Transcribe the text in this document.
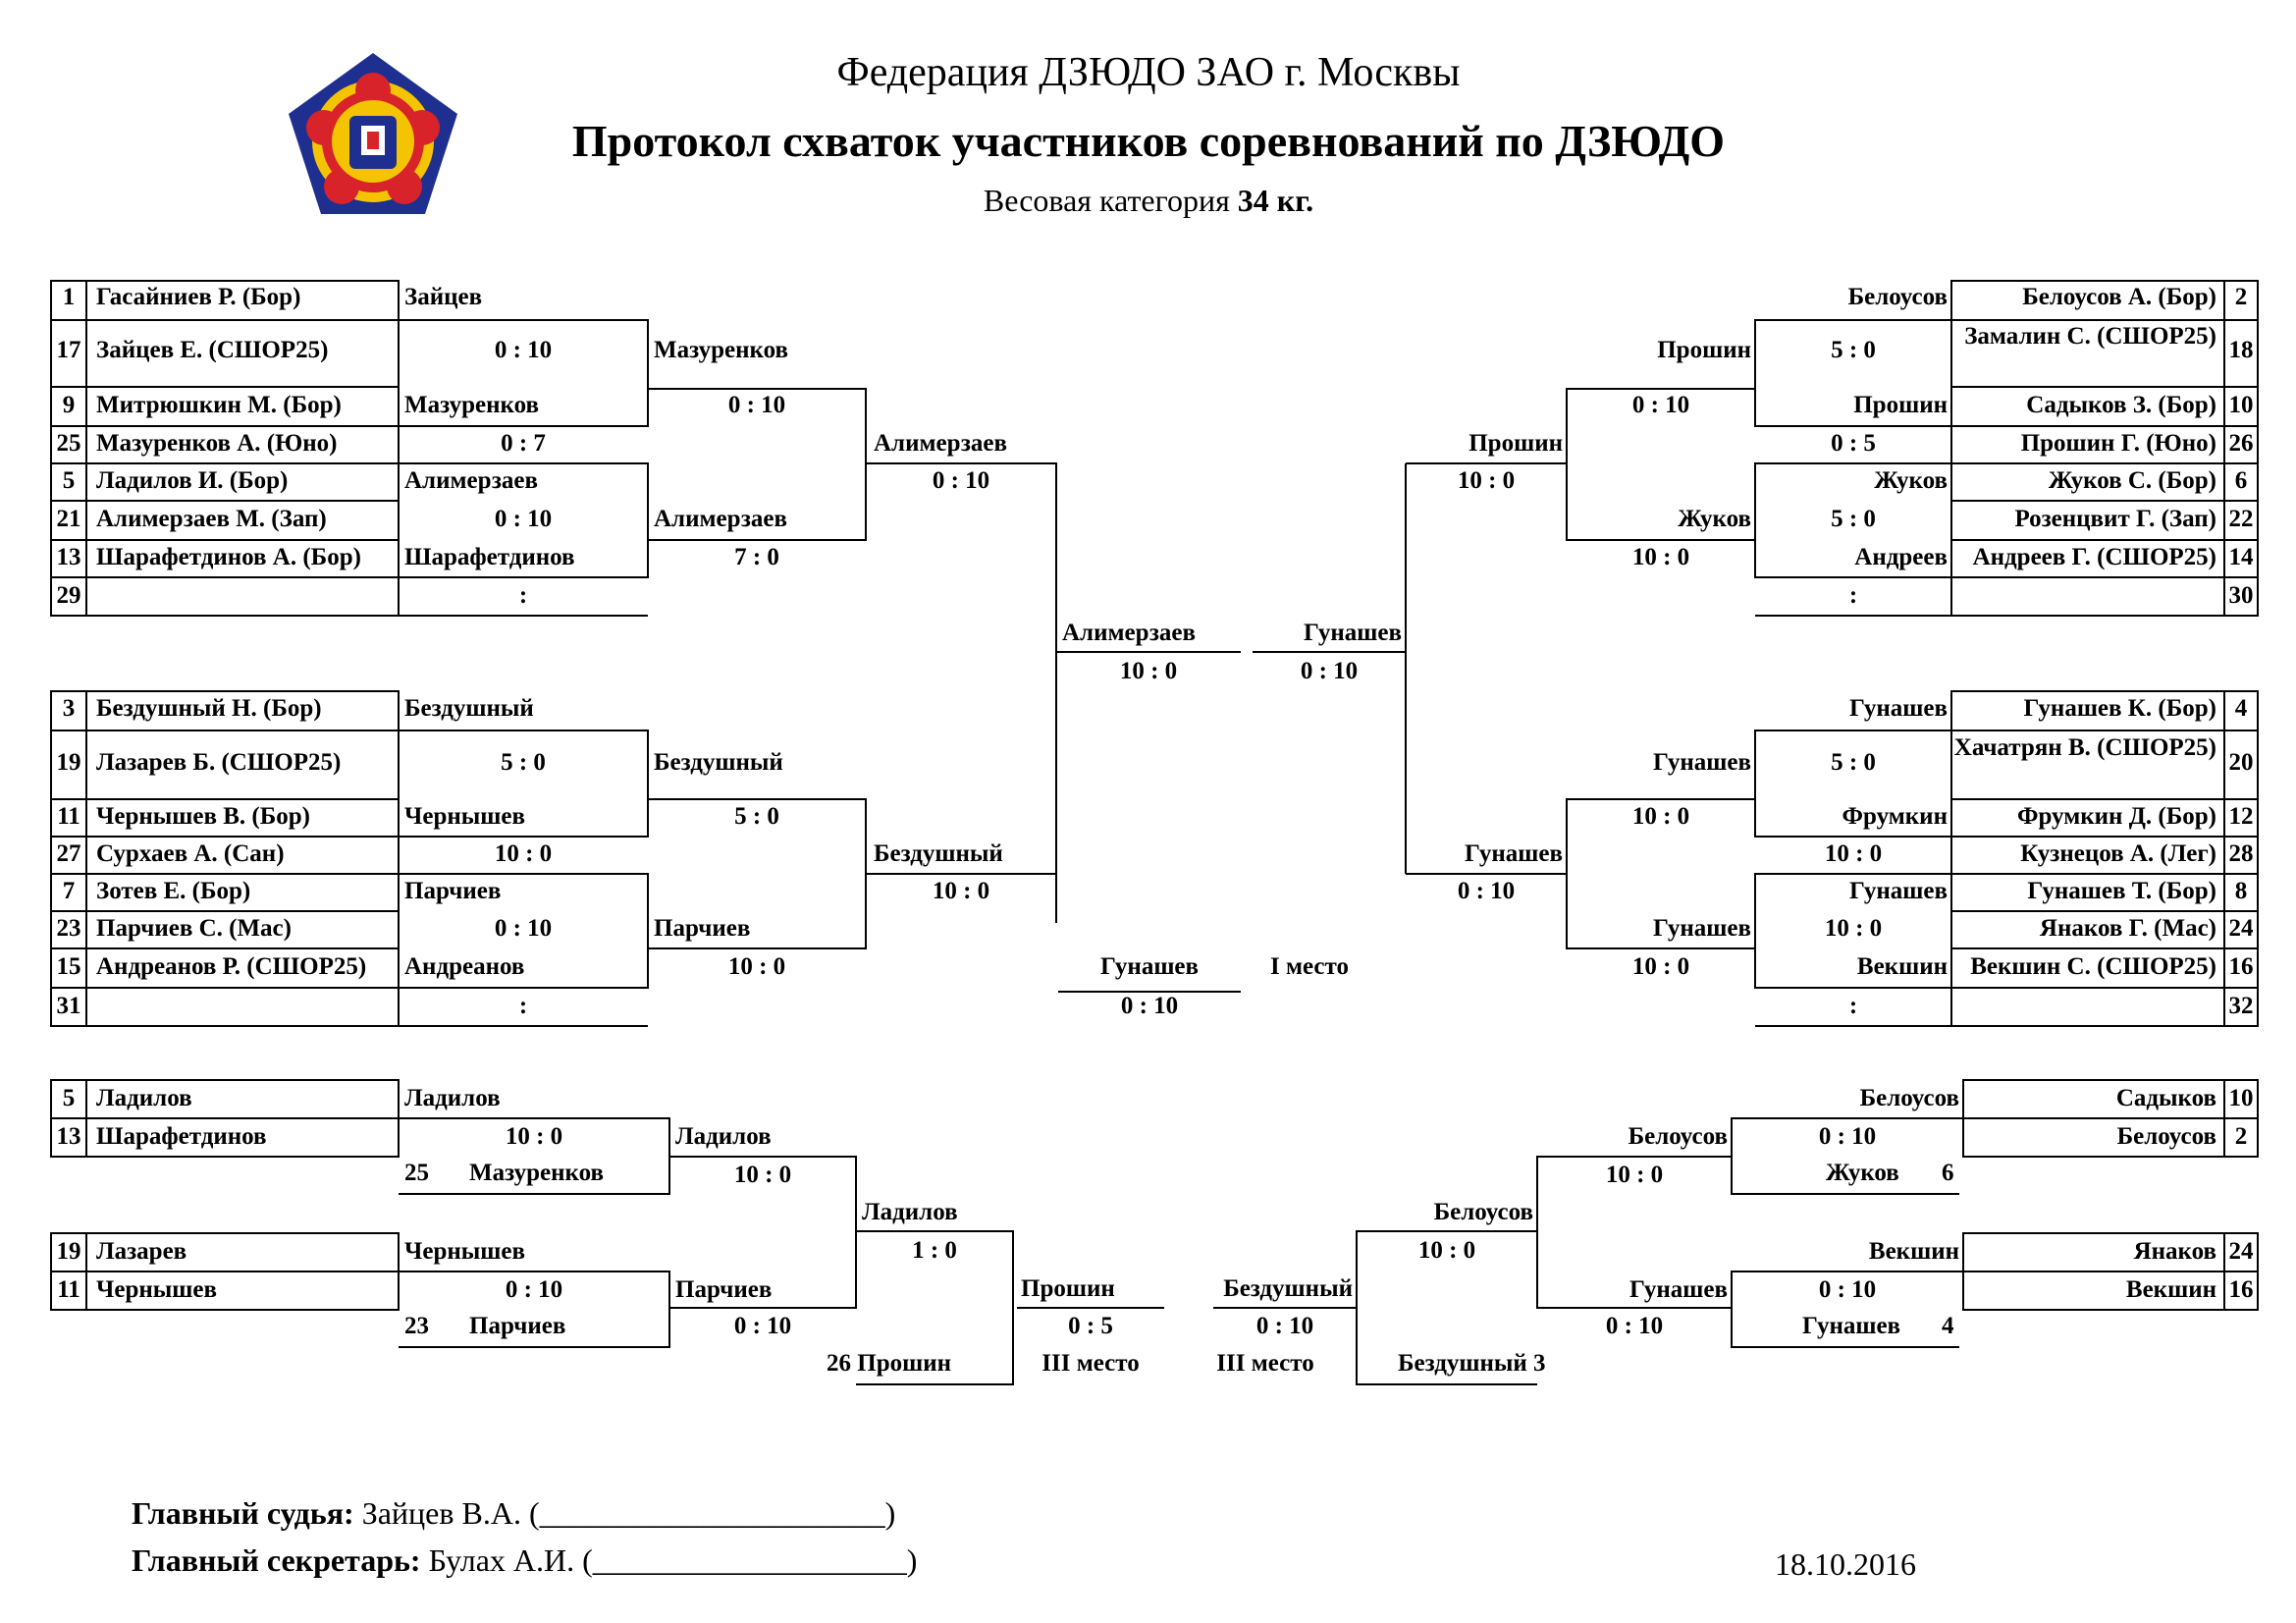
Федерация ДЗЮДО ЗАО г. Москвы
Протокол схваток участников соревнований по ДЗЮДО
Весовая категория 34 кг.
1 Гасайниев Р. (Бор)
17 Зайцев Е. (СШОР25)
9 Митрюшкин М. (Бор)
25 Мазуренков А. (Юно)
5 Ладилов И. (Бор)
21 Алимерзаев М. (Зап)
13 Шарафетдинов А. (Бор)
29
Зайцев
0 : 10
Мазуренков
0 : 7
Алимерзаев
0 : 10
Шарафетдинов
:
Мазуренков
0 : 10
Алимерзаев
7 : 0
Алимерзаев
0 : 10
3 Бездушный Н. (Бор)
19 Лазарев Б. (СШОР25)
11 Чернышев В. (Бор)
27 Сурхаев А. (Сан)
7 Зотев Е. (Бор)
23 Парчиев С. (Мас)
15 Андреанов Р. (СШОР25)
31
Бездушный
5 : 0
Чернышев
10 : 0
Парчиев
0 : 10
Андреанов
:
Бездушный
5 : 0
Парчиев
10 : 0
Бездушный
10 : 0
2
Белоусов А. (Бор)
18
Замалин С. (СШОР25)
10
Садыков З. (Бор)
26
Прошин Г. (Юно)
6
Жуков С. (Бор)
22
Розенцвит Г. (Зап)
14
Андреев Г. (СШОР25)
30
Белоусов
5 : 0
Прошин
0 : 5
Жуков
5 : 0
Андреев
:
Прошин
0 : 10
Жуков
10 : 0
Прошин
10 : 0
4
Гунашев К. (Бор)
20
Хачатрян В. (СШОР25)
12
Фрумкин Д. (Бор)
28
Кузнецов А. (Лег)
8
Гунашев Т. (Бор)
24
Янаков Г. (Мас)
16
Векшин С. (СШОР25)
32
Гунашев
5 : 0
Фрумкин
10 : 0
Гунашев
10 : 0
Векшин
:
Гунашев
10 : 0
Гунашев
10 : 0
Гунашев
0 : 10
Алимерзаев
10 : 0
Гунашев
0 : 10
Гунашев
0 : 10
I место
5 Ладилов
13 Шарафетдинов
Ладилов
10 : 0
25 Мазуренков
Ладилов
10 : 0
19 Лазарев
11 Чернышев
Чернышев
0 : 10
23 Парчиев
Парчиев
0 : 10
Ладилов
1 : 0
26 Прошин
Прошин
0 : 5
III место
10
Садыков
2
Белоусов
Белоусов
0 : 10
Жуков 6
Белоусов
10 : 0
24
Янаков
16
Векшин
Векшин
0 : 10
Гунашев 4
Гунашев
0 : 10
Белоусов
10 : 0
Бездушный 3
Бездушный
0 : 10
III место
Главный судья: Зайцев В.А. (______________________)
Главный секретарь: Булах А.И. (____________________)	18.10.2016
